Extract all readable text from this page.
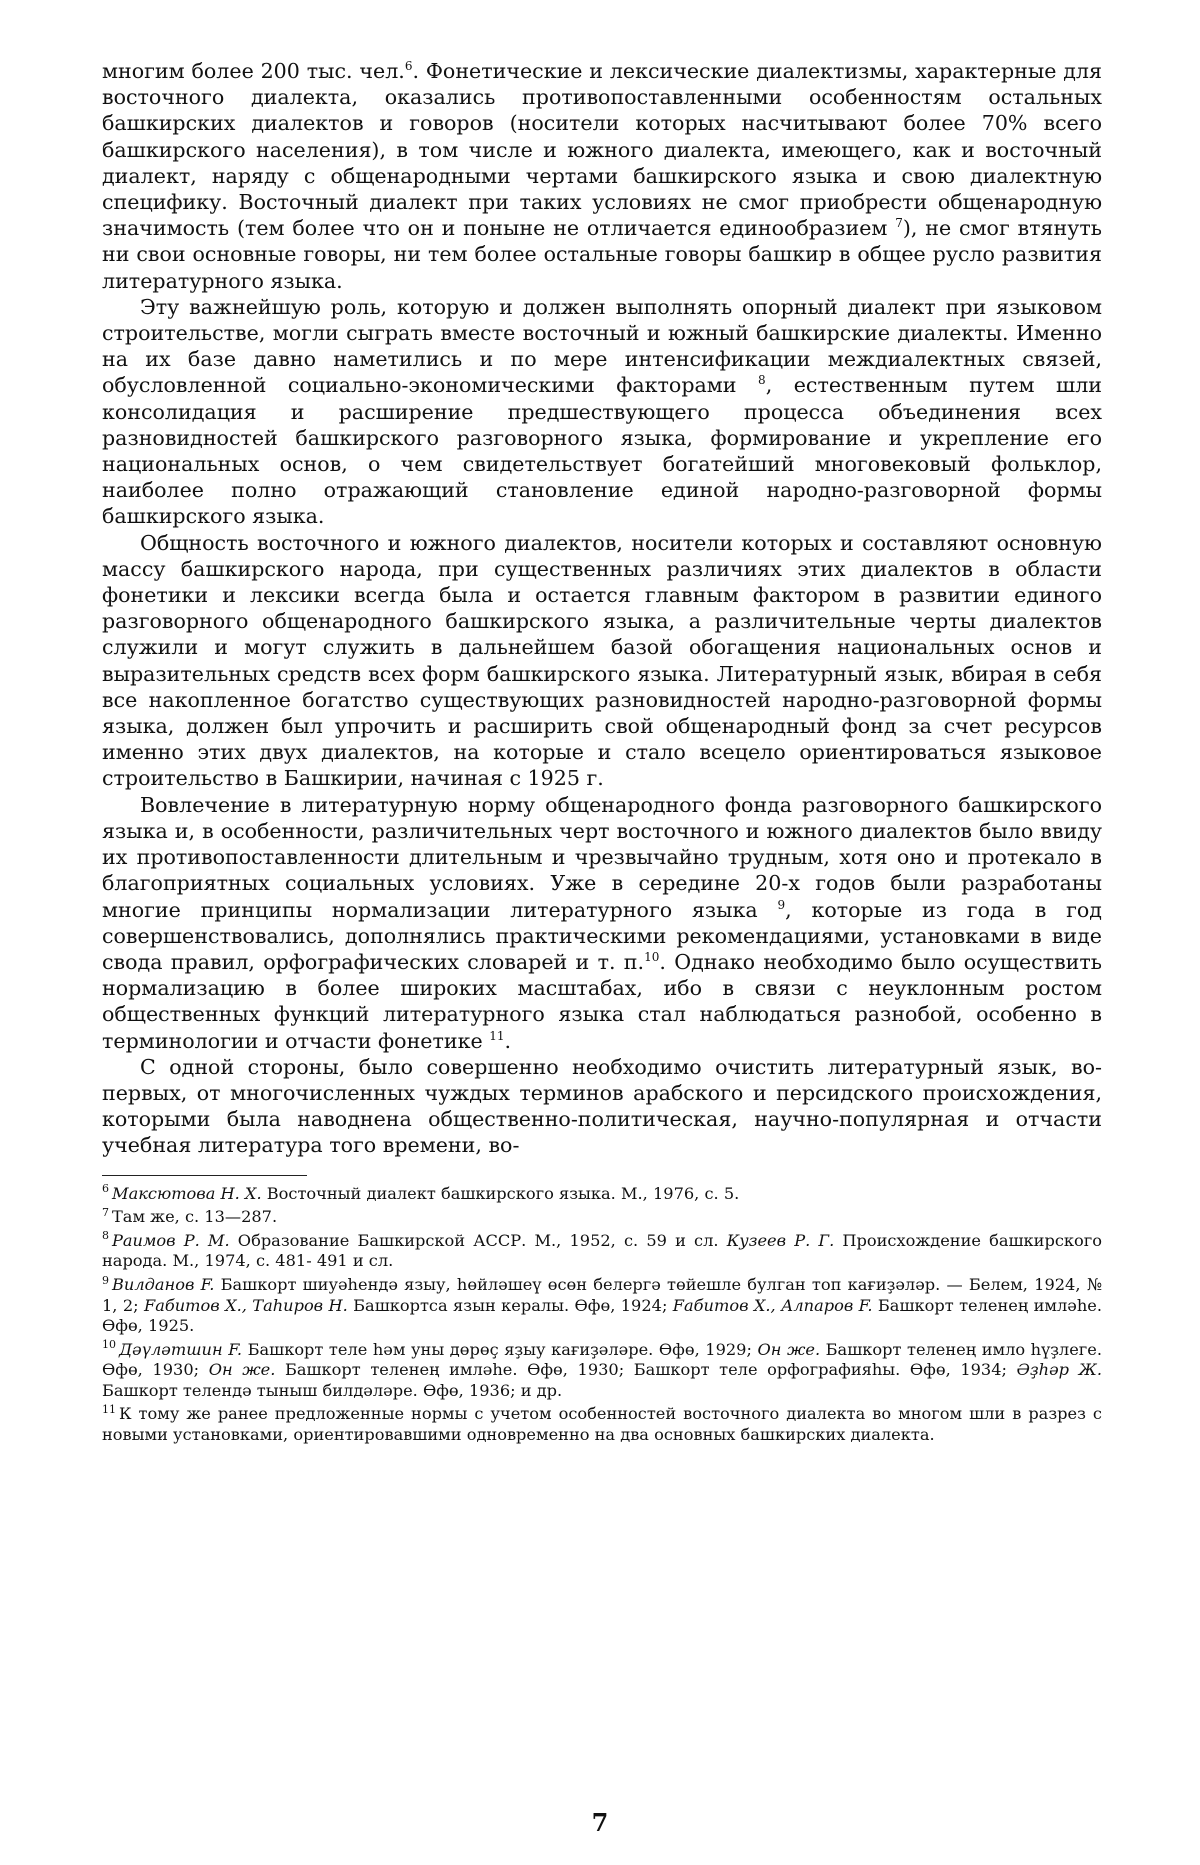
многим более 200 тыс. чел.$^6$. Фонетические и лексические диалектизмы, характерные для восточного диалекта, оказались противопоставленными особенностям остальных башкирских диалектов и говоров (носители которых насчитывают более 70% всего башкирского населения), в том числе и южного диалекта, имеющего, как и восточный диалект, наряду с общенародными чертами башкирского языка и свою диалектную специфику. Восточный диалект при таких условиях не смог приобрести общенародную значимость (тем более что он и поныне не отличается единообразием $^7$), не смог втянуть ни свои основные говоры, ни тем более остальные говоры башкир в общее русло развития литературного языка.

Эту важнейшую роль, которую и должен выполнять опорный диалект при языковом строительстве, могли сыграть вместе восточный и южный башкирские диалекты. Именно на их базе давно наметились и по мере интенсификации междиалектных связей, обусловленной социально-экономическими факторами $^8$, естественным путем шли консолидация и расширение предшествующего процесса объединения всех разновидностей башкирского разговорного языка, формирование и укрепление его национальных основ, о чем свидетельствует богатейший многовековый фольклор, наиболее полно отражающий становление единой народно-разговорной формы башкирского языка.

Общность восточного и южного диалектов, носители которых и составляют основную массу башкирского народа, при существенных различиях этих диалектов в области фонетики и лексики всегда была и остается главным фактором в развитии единого разговорного общенародного башкирского языка, а различительные черты диалектов служили и могут служить в дальнейшем базой обогащения национальных основ и выразительных средств всех форм башкирского языка. Литературный язык, вбирая в себя все накопленное богатство существующих разновидностей народно-разговорной формы языка, должен был упрочить и расширить свой общенародный фонд за счет ресурсов именно этих двух диалектов, на которые и стало всецело ориентироваться языковое строительство в Башкирии, начиная с 1925 г.

Вовлечение в литературную норму общенародного фонда разговорного башкирского языка и, в особенности, различительных черт восточного и южного диалектов было ввиду их противопоставленности длительным и чрезвычайно трудным, хотя оно и протекало в благоприятных социальных условиях. Уже в середине 20-х годов были разработаны многие принципы нормализации литературного языка $^9$, которые из года в год совершенствовались, дополнялись практическими рекомендациями, установками в виде свода правил, орфографических словарей и т. п.$^{10}$. Однако необходимо было осуществить нормализацию в более широких масштабах, ибо в связи с неуклонным ростом общественных функций литературного языка стал наблюдаться разнобой, особенно в терминологии и отчасти фонетике $^{11}$.

С одной стороны, было совершенно необходимо очистить литературный язык, во-первых, от многочисленных чуждых терминов арабского и персидского происхождения, которыми была наводнена общественно-политическая, научно-популярная и отчасти учебная литература того времени, во-

$^6$ Максютова Н. Х. Восточный диалект башкирского языка. М., 1976, с. 5.

$^7$ Там же, с. 13—287.

$^8$ Раимов Р. М. Образование Башкирской АССР. М., 1952, с. 59 и сл. Кузеев Р. Г. Происхождение башкирского народа. М., 1974, с. 481- 491 и сл.

$^9$ Вилданов F. Башкорт шиуәһендә языу, һөйләшеү өсөн белергә төйешле булган топ кағиҙәләр. — Белем, 1924, № 1, 2; Fабитов Х., Таһиров Н. Башкортса язын кералы. Өфө, 1924; Fабитов Х., Алпаров F. Башкорт теленең имләһе. Өфө, 1925.

$^{10}$ Дәүләтшин F. Башкорт теле һәм уны дөрөҫ яҙыу кағиҙәләре. Өфө, 1929; Он же. Башкорт теленең имло һүҙлеге. Өфө, 1930; Он же. Башкорт теленең имләһе. Өфө, 1930; Башкорт теле орфографияһы. Өфө, 1934; Әҙһәр Ж. Башкорт телендә тыныш билдәләре. Өфө, 1936; и др.

$^{11}$ К тому же ранее предложенные нормы с учетом особенностей восточного диалекта во многом шли в разрез с новыми установками, ориентировавшими одновременно на два основных башкирских диалекта.

7
